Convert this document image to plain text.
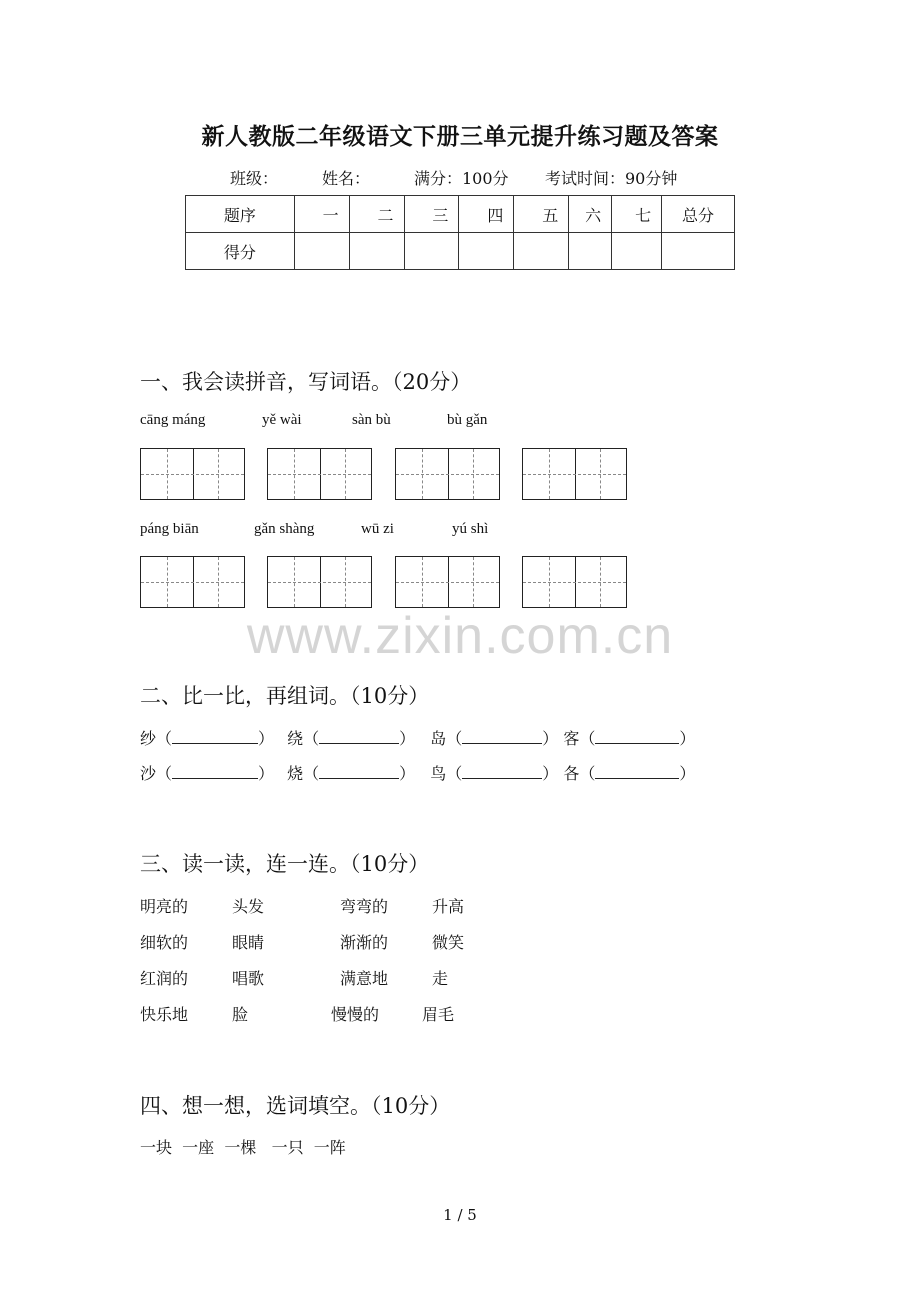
新人教版二年级语文下册三单元提升练习题及答案
班级：	姓名：	满分：100分 考试时间：90分钟
题序	一	二	三	四	五	六	七	总分
得分								
一、我会读拼音，写词语。（20分）
cāng máng	yě wài	sàn bù	bù gǎn
páng biān	gǎn shàng	wū zi	yú shì
www.zixin.com.cn
二、比一比，再组词。（10分）
纱（	） 绕（	） 岛（	） 客（	）
沙（	） 烧（	） 鸟（	） 各（	）
三、读一读，连一连。（10分）
明亮的	头发	弯弯的	升高
细软的	眼睛	渐渐的	微笑
红润的	唱歌	满意地	走
快乐地	脸	慢慢的	眉毛
四、想一想，选词填空。（10分）
一块  一座  一棵   一只  一阵
1 / 5
